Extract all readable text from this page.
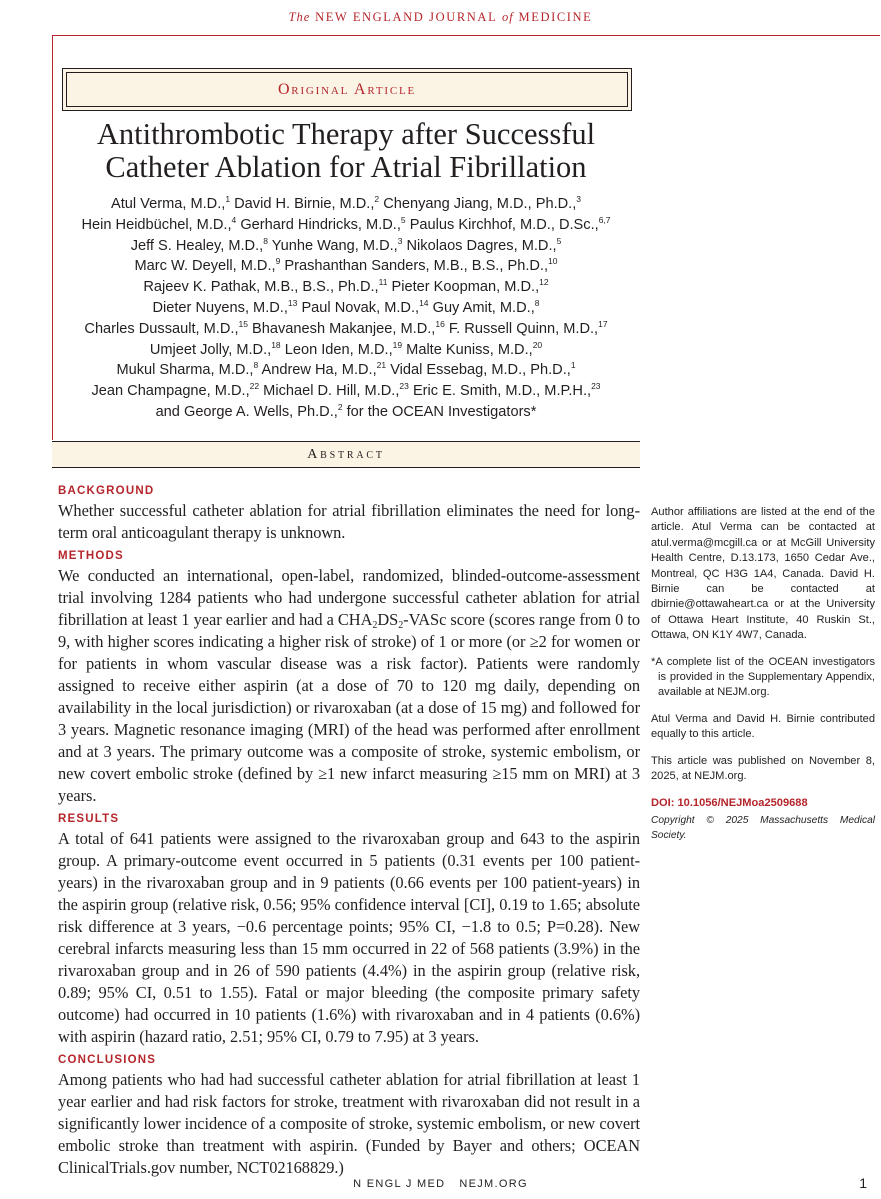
The NEW ENGLAND JOURNAL of MEDICINE
Original Article
Antithrombotic Therapy after Successful
Catheter Ablation for Atrial Fibrillation
Atul Verma, M.D.,$^1$ David H. Birnie, M.D.,$^2$ Chenyang Jiang, M.D., Ph.D.,$^3$
Hein Heidbüchel, M.D.,$^4$ Gerhard Hindricks, M.D.,$^5$ Paulus Kirchhof, M.D., D.Sc.,$^{6,7}$
Jeff S. Healey, M.D.,$^8$ Yunhe Wang, M.D.,$^3$ Nikolaos Dagres, M.D.,$^5$
Marc W. Deyell, M.D.,$^9$ Prashanthan Sanders, M.B., B.S., Ph.D.,$^{10}$
Rajeev K. Pathak, M.B., B.S., Ph.D.,$^{11}$ Pieter Koopman, M.D.,$^{12}$
Dieter Nuyens, M.D.,$^{13}$ Paul Novak, M.D.,$^{14}$ Guy Amit, M.D.,$^8$
Charles Dussault, M.D.,$^{15}$ Bhavanesh Makanjee, M.D.,$^{16}$ F. Russell Quinn, M.D.,$^{17}$
Umjeet Jolly, M.D.,$^{18}$ Leon Iden, M.D.,$^{19}$ Malte Kuniss, M.D.,$^{20}$
Mukul Sharma, M.D.,$^8$ Andrew Ha, M.D.,$^{21}$ Vidal Essebag, M.D., Ph.D.,$^1$
Jean Champagne, M.D.,$^{22}$ Michael D. Hill, M.D.,$^{23}$ Eric E. Smith, M.D., M.P.H.,$^{23}$
and George A. Wells, Ph.D.,$^2$ for the OCEAN Investigators*
Abstract
BACKGROUND

Whether successful catheter ablation for atrial fibrillation eliminates the need for long-term oral anticoagulant therapy is unknown.

METHODS

We conducted an international, open-label, randomized, blinded-outcome-assessment trial involving 1284 patients who had undergone successful catheter ablation for atrial fibrillation at least 1 year earlier and had a $CHA_2DS_2$-VASc score (scores range from 0 to 9, with higher scores indicating a higher risk of stroke) of 1 or more (or ≥2 for women or for patients in whom vascular disease was a risk factor). Patients were randomly assigned to receive either aspirin (at a dose of 70 to 120 mg daily, depending on availability in the local jurisdiction) or rivaroxaban (at a dose of 15 mg) and followed for 3 years. Magnetic resonance imaging (MRI) of the head was performed after enrollment and at 3 years. The primary outcome was a composite of stroke, systemic embolism, or new covert embolic stroke (defined by ≥1 new infarct measuring ≥15 mm on MRI) at 3 years.

RESULTS

A total of 641 patients were assigned to the rivaroxaban group and 643 to the aspirin group. A primary-outcome event occurred in 5 patients (0.31 events per 100 patient-years) in the rivaroxaban group and in 9 patients (0.66 events per 100 patient-years) in the aspirin group (relative risk, 0.56; 95% confidence interval [CI], 0.19 to 1.65; absolute risk difference at 3 years, −0.6 percentage points; 95% CI, −1.8 to 0.5; P=0.28). New cerebral infarcts measuring less than 15 mm occurred in 22 of 568 patients (3.9%) in the rivaroxaban group and in 26 of 590 patients (4.4%) in the aspirin group (relative risk, 0.89; 95% CI, 0.51 to 1.55). Fatal or major bleeding (the composite primary safety outcome) had occurred in 10 patients (1.6%) with rivaroxaban and in 4 patients (0.6%) with aspirin (hazard ratio, 2.51; 95% CI, 0.79 to 7.95) at 3 years.

CONCLUSIONS

Among patients who had had successful catheter ablation for atrial fibrillation at least 1 year earlier and had risk factors for stroke, treatment with rivaroxaban did not result in a significantly lower incidence of a composite of stroke, systemic embolism, or new covert embolic stroke than treatment with aspirin. (Funded by Bayer and others; OCEAN ClinicalTrials.gov number, NCT02168829.)

Author affiliations are listed at the end of the article. Atul Verma can be contacted at atul.verma@mcgill.ca or at McGill University Health Centre, D.13.173, 1650 Cedar Ave., Montreal, QC H3G 1A4, Canada. David H. Birnie can be contacted at dbirnie@ottawaheart.ca or at the University of Ottawa Heart Institute, 40 Ruskin St., Ottawa, ON K1Y 4W7, Canada.

*A complete list of the OCEAN investigators is provided in the Supplementary Appendix, available at NEJM.org.

Atul Verma and David H. Birnie contributed equally to this article.

This article was published on November 8, 2025, at NEJM.org.

DOI: 10.1056/NEJMoa2509688

Copyright © 2025 Massachusetts Medical Society.

N ENGL J MED NEJM.ORG	1
